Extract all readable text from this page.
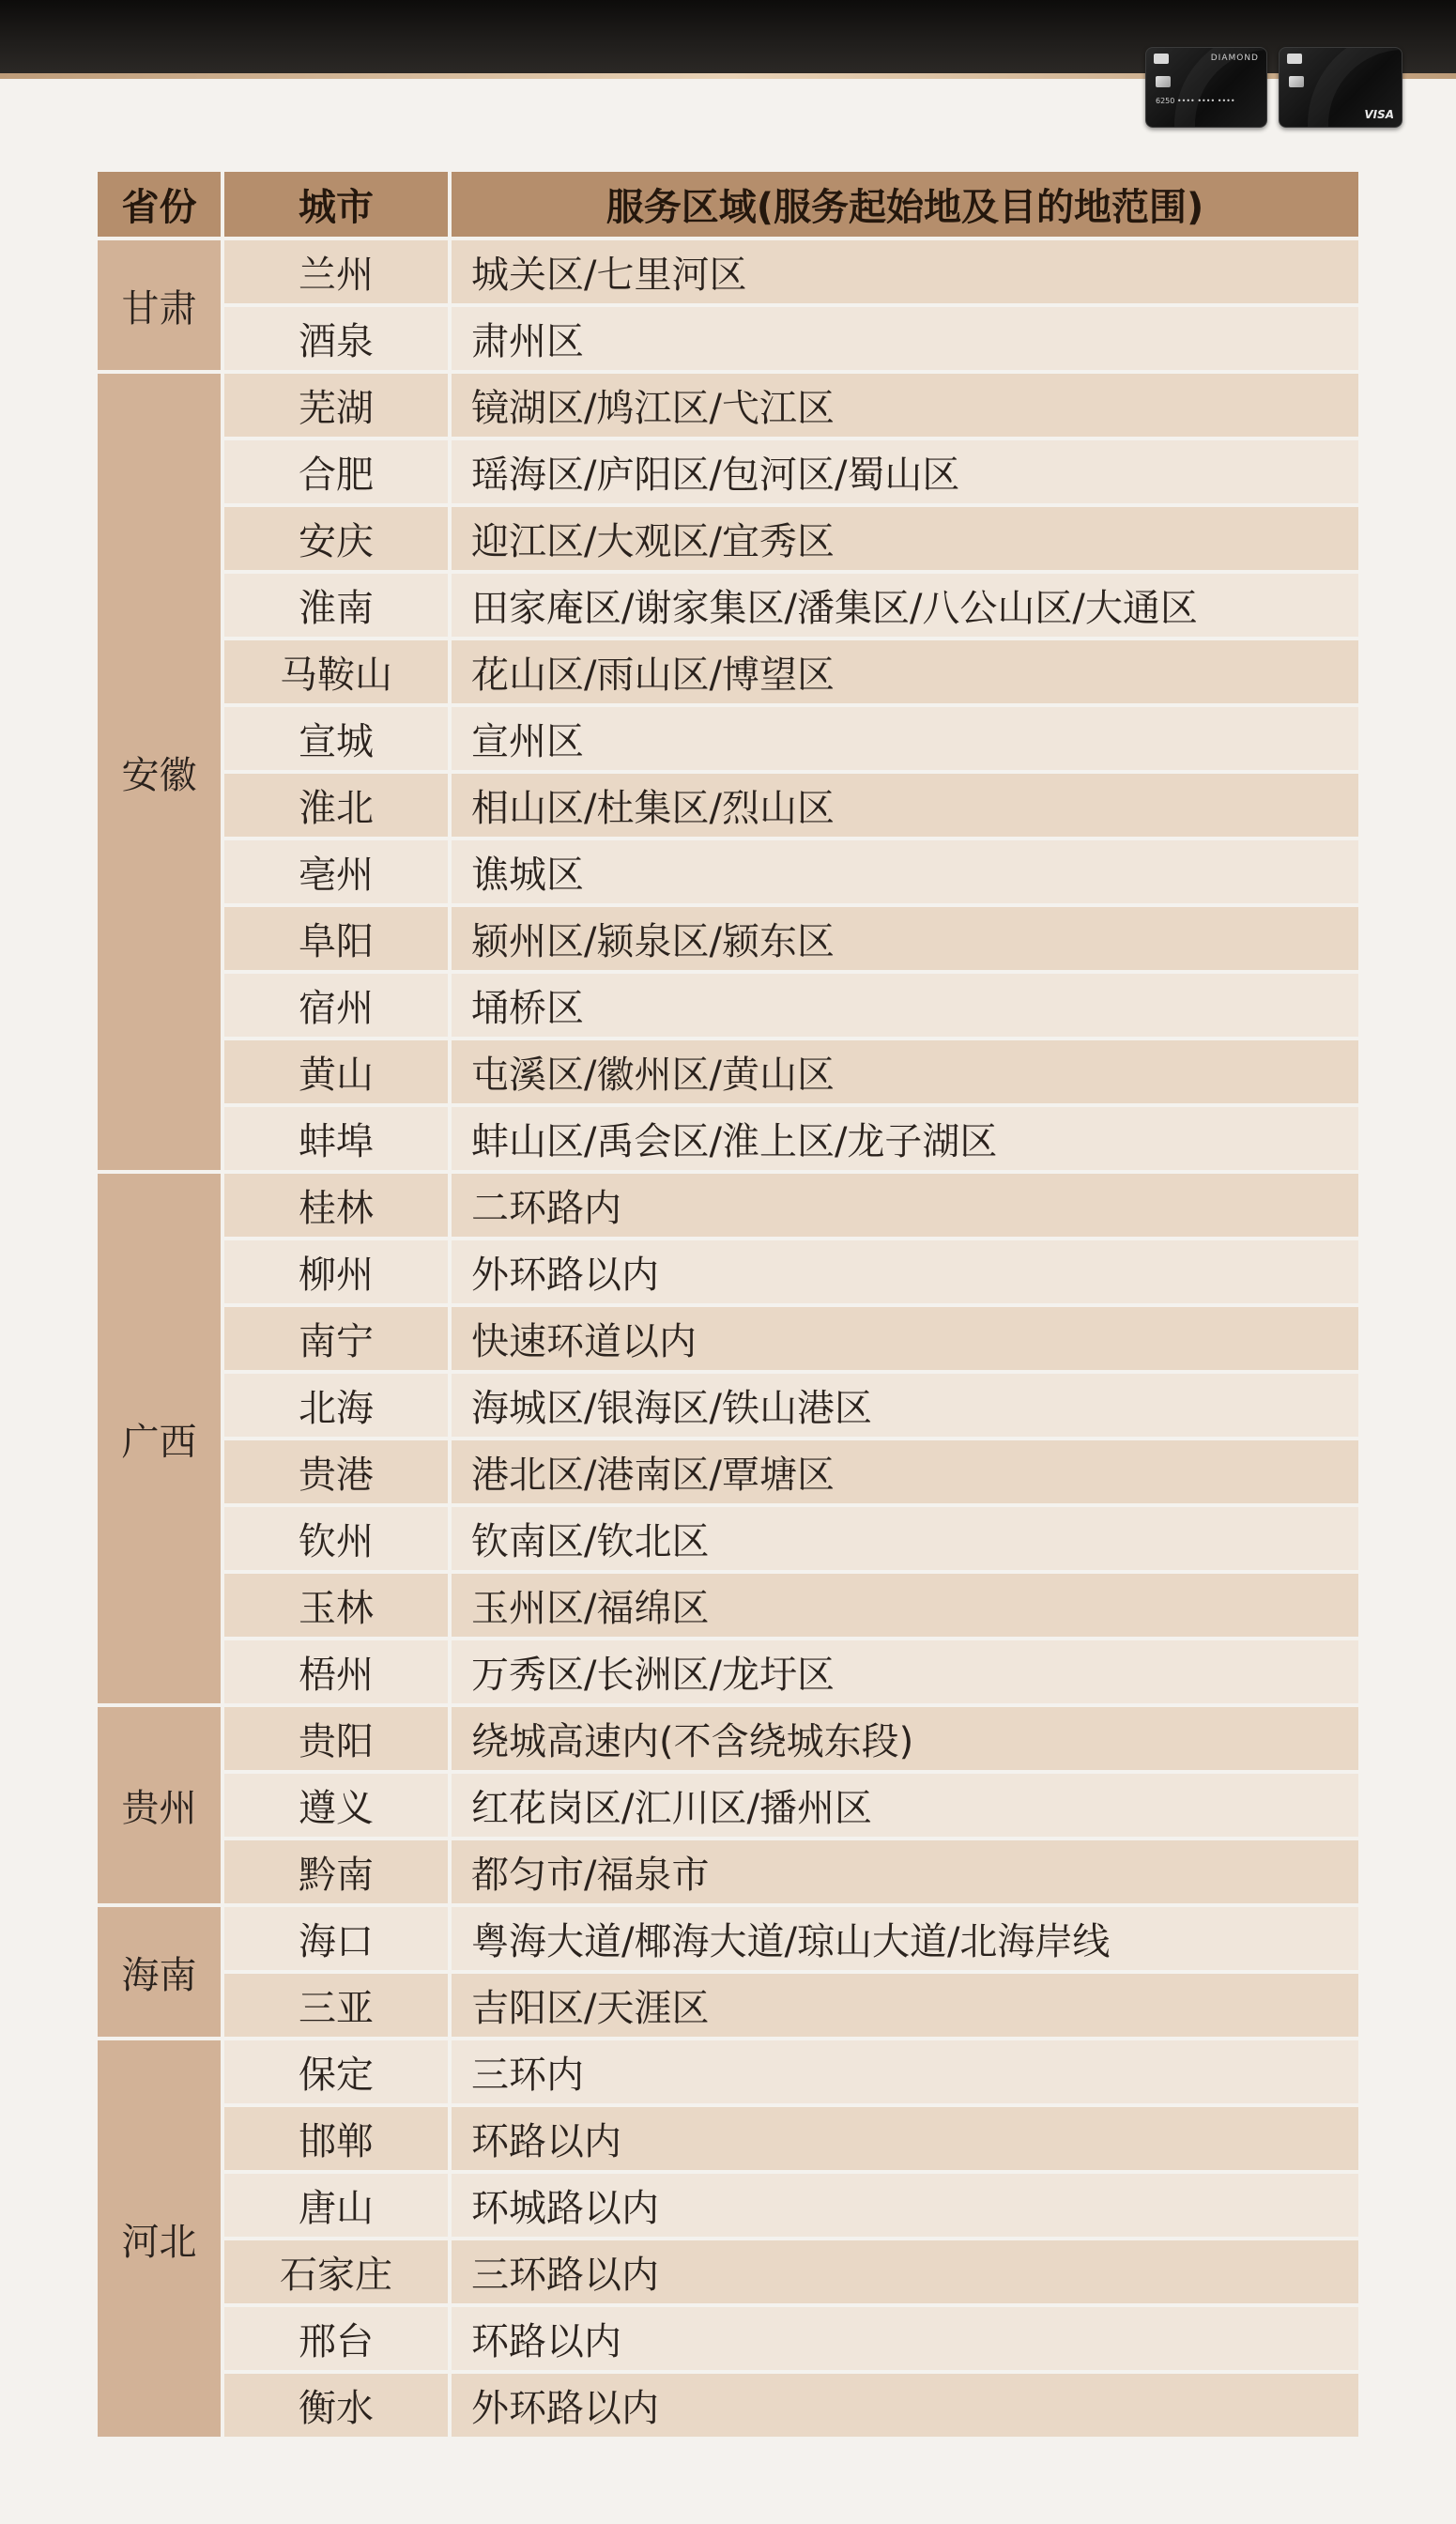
DIAMOND
6250 •••• •••• ••••
VISA
省份	城市	服务区域(服务起始地及目的地范围)
甘肃	兰州	城关区/七里河区
	酒泉	肃州区
安徽	芜湖	镜湖区/鸠江区/弋江区
	合肥	瑶海区/庐阳区/包河区/蜀山区
	安庆	迎江区/大观区/宜秀区
	淮南	田家庵区/谢家集区/潘集区/八公山区/大通区
	马鞍山	花山区/雨山区/博望区
	宣城	宣州区
	淮北	相山区/杜集区/烈山区
	亳州	谯城区
	阜阳	颍州区/颍泉区/颍东区
	宿州	埇桥区
	黄山	屯溪区/徽州区/黄山区
	蚌埠	蚌山区/禹会区/淮上区/龙子湖区
广西	桂林	二环路内
	柳州	外环路以内
	南宁	快速环道以内
	北海	海城区/银海区/铁山港区
	贵港	港北区/港南区/覃塘区
	钦州	钦南区/钦北区
	玉林	玉州区/福绵区
	梧州	万秀区/长洲区/龙圩区
贵州	贵阳	绕城高速内(不含绕城东段)
	遵义	红花岗区/汇川区/播州区
	黔南	都匀市/福泉市
海南	海口	粤海大道/椰海大道/琼山大道/北海岸线
	三亚	吉阳区/天涯区
河北	保定	三环内
	邯郸	环路以内
	唐山	环城路以内
	石家庄	三环路以内
	邢台	环路以内
	衡水	外环路以内
